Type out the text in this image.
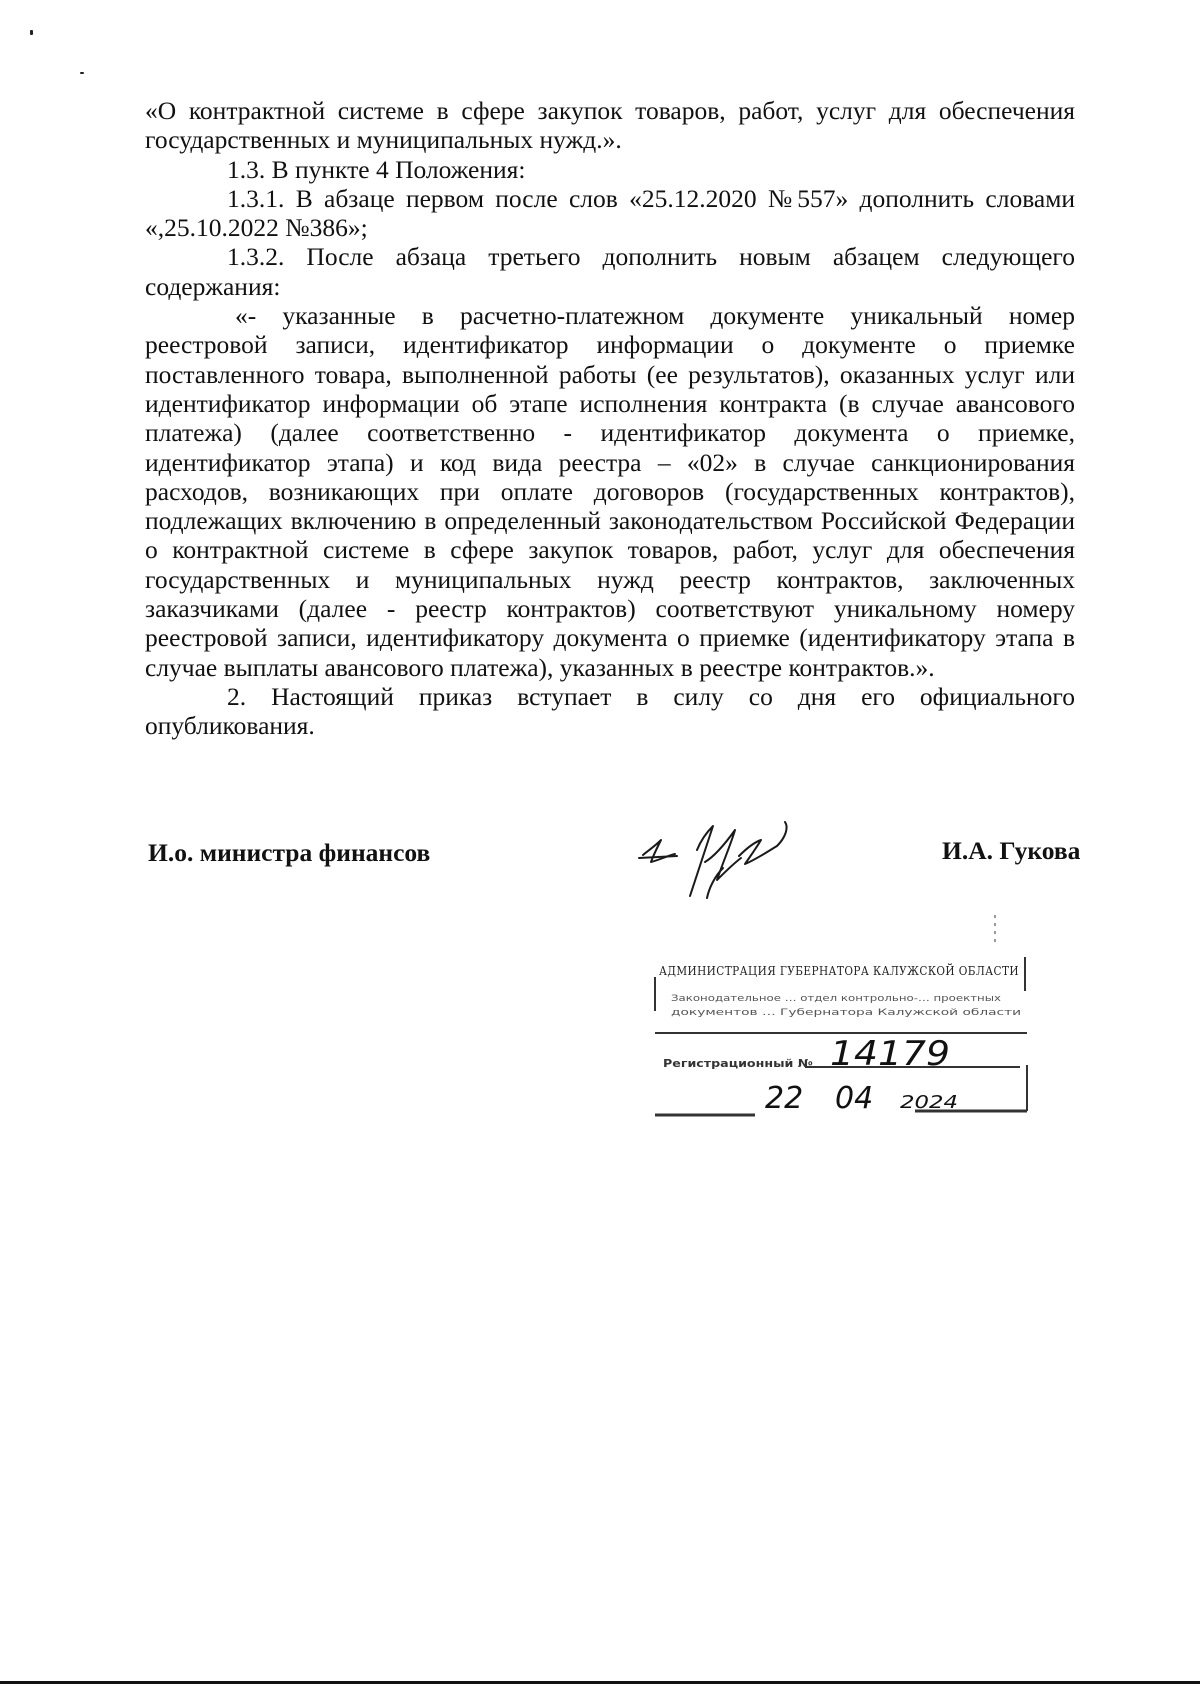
«О контрактной системе в сфере закупок товаров, работ, услуг для обеспечения государственных и муниципальных нужд.».

1.3. В пункте 4 Положения:

1.3.1. В абзаце первом после слов «25.12.2020 №557» дополнить словами «,25.10.2022 №386»;

1.3.2. После абзаца третьего дополнить новым абзацем следующего содержания:

«- указанные в расчетно-платежном документе уникальный номер реестровой записи, идентификатор информации о документе о приемке поставленного товара, выполненной работы (ее результатов), оказанных услуг или идентификатор информации об этапе исполнения контракта (в случае авансового платежа) (далее соответственно - идентификатор документа о приемке, идентификатор этапа) и код вида реестра – «02» в случае санкционирования расходов, возникающих при оплате договоров (государственных контрактов), подлежащих включению в определенный законодательством Российской Федерации о контрактной системе в сфере закупок товаров, работ, услуг для обеспечения государственных и муниципальных нужд реестр контрактов, заключенных заказчиками (далее - реестр контрактов) соответствуют уникальному номеру реестровой записи, идентификатору документа о приемке (идентификатору этапа в случае выплаты авансового платежа), указанных в реестре контрактов.».

2. Настоящий приказ вступает в силу со дня его официального опубликования.

И.о. министра финансов	И.А. Гукова
АДМИНИСТРАЦИЯ ГУБЕРНАТОРА КАЛУЖСКОЙ ОБЛАСТИ
Законодательное … отдел контрольно-… проектных
документов … Губернатора Калужской области
Регистрационный № 14179
22 04 2024
